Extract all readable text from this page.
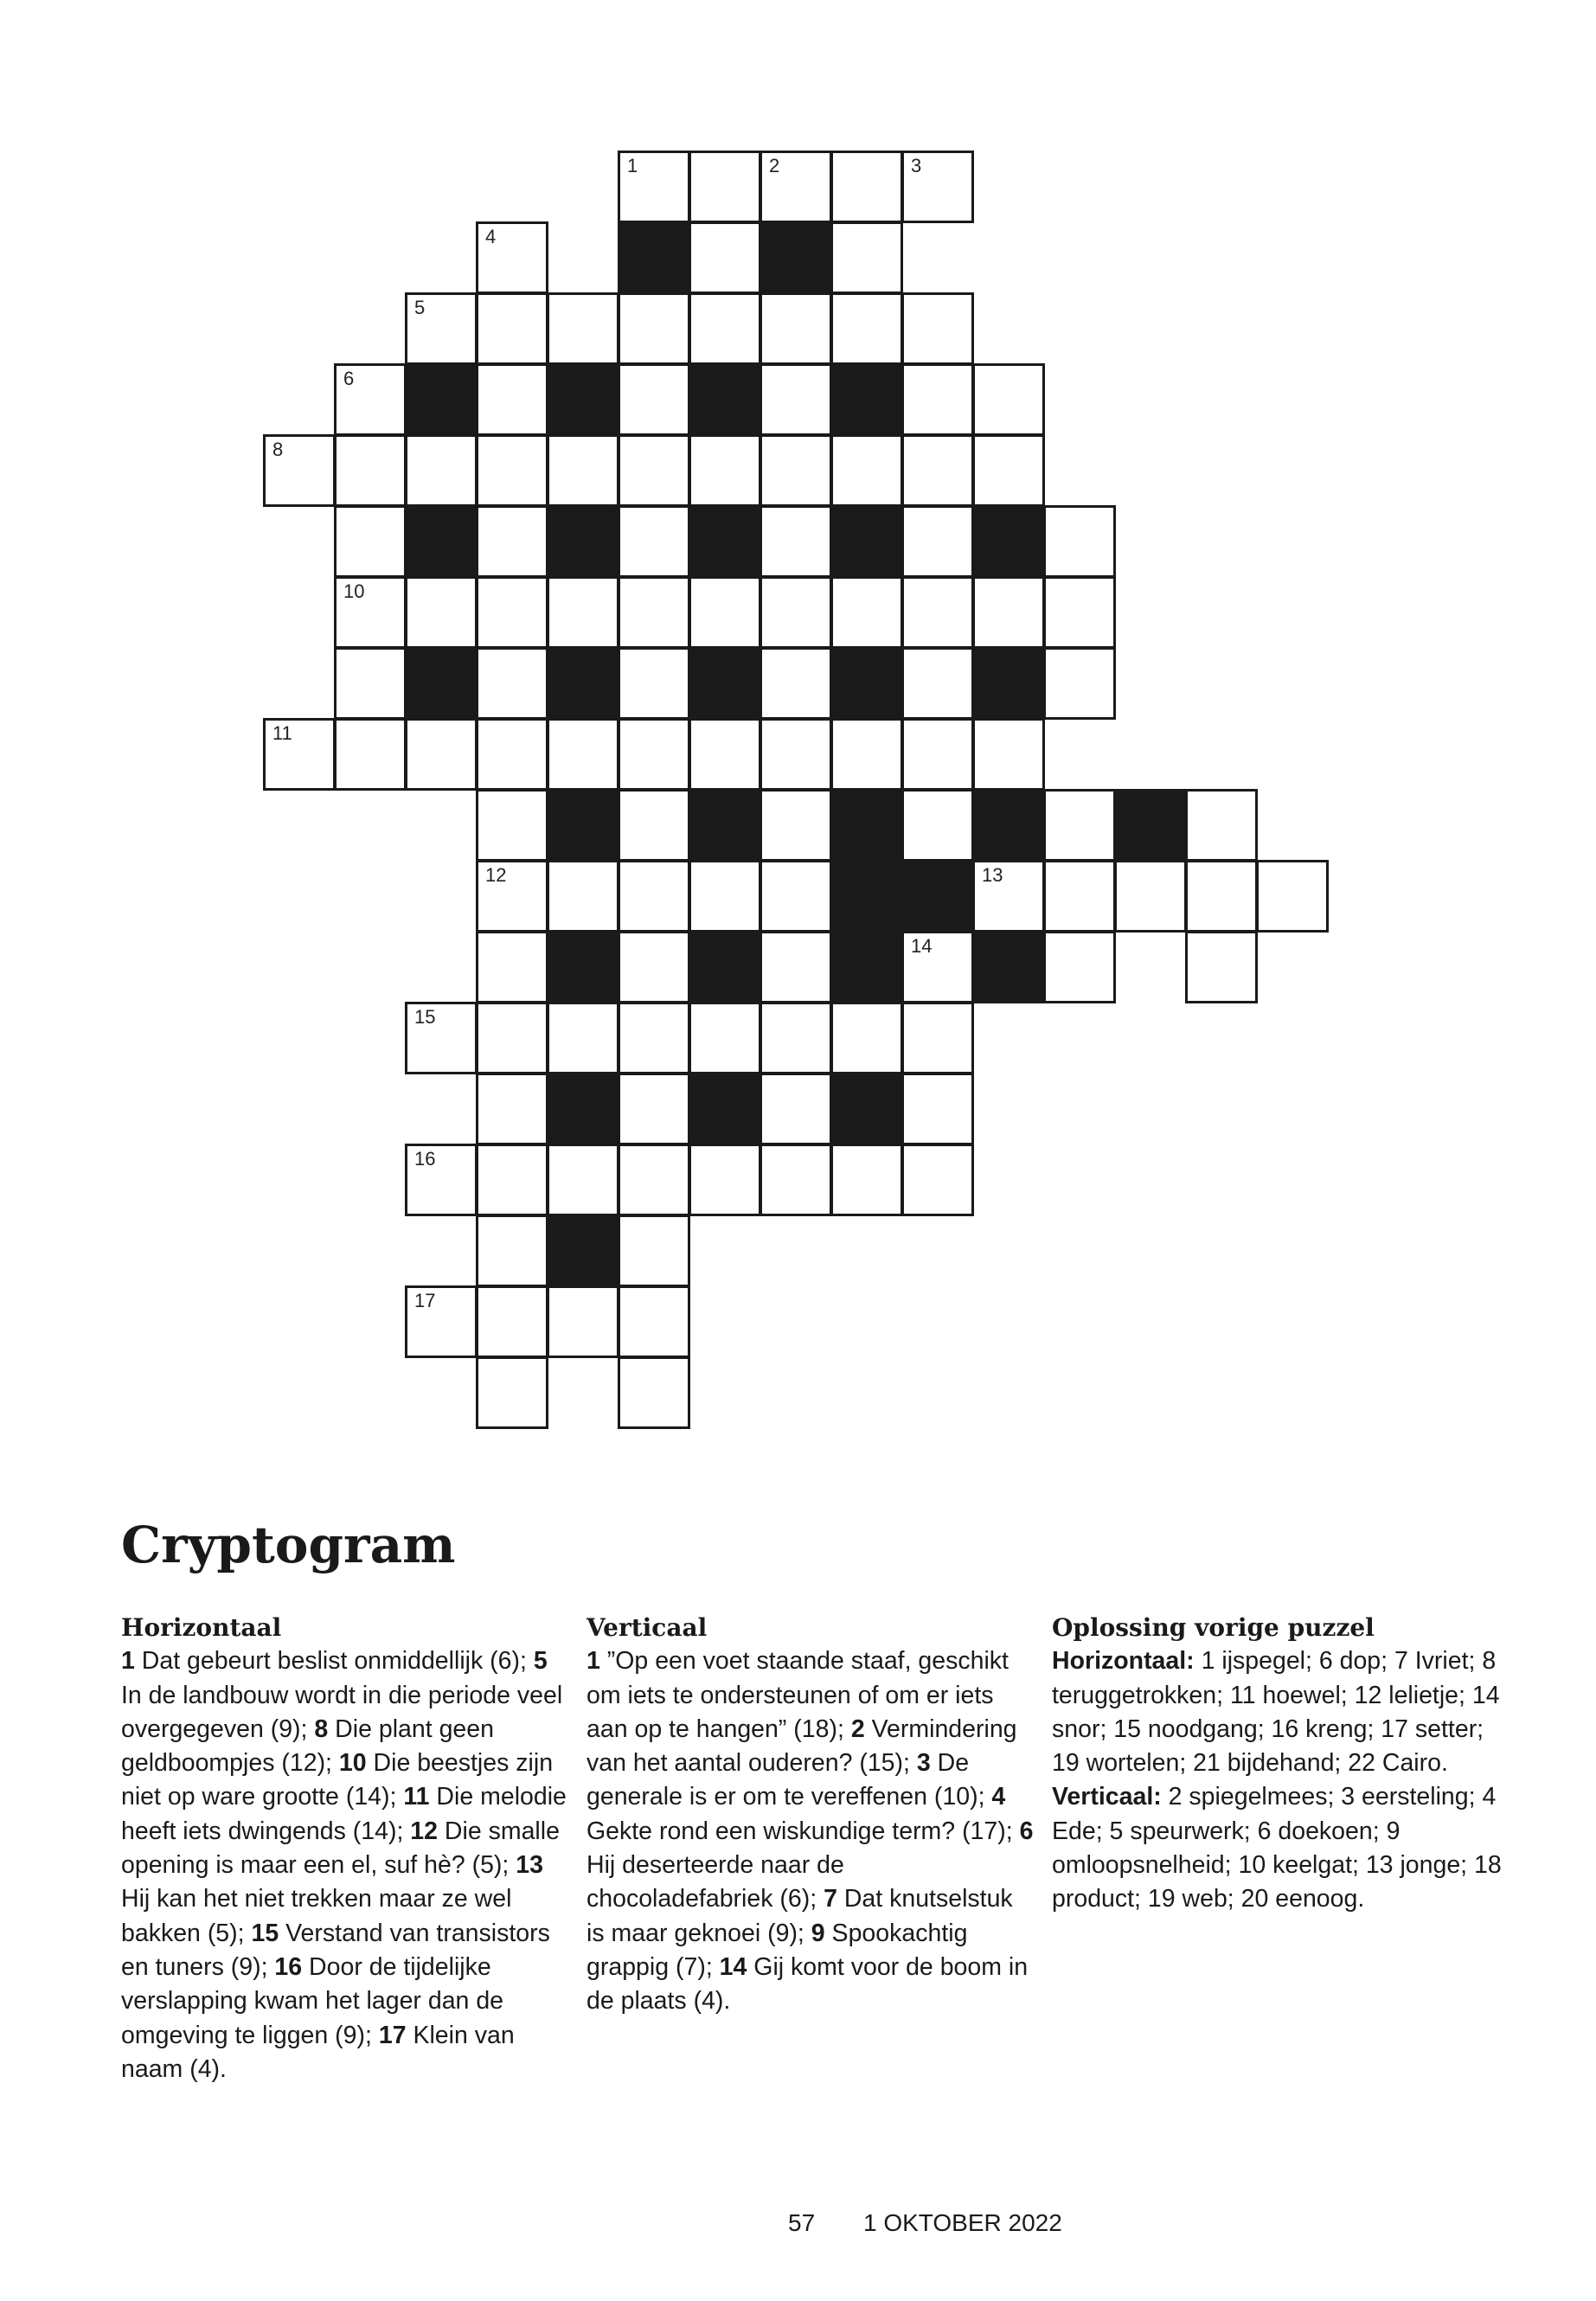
1	2	3
4
5
6
8
10
11
12	13
14
15
16
17
Cryptogram
Horizontaal

1 Dat gebeurt beslist onmiddellijk (6); 5 In de landbouw wordt in die periode veel overgegeven (9); 8 Die plant geen geldboompjes (12); 10 Die beestjes zijn niet op ware grootte (14); 11 Die melodie heeft iets dwingends (14); 12 Die smalle opening is maar een el, suf hè? (5); 13 Hij kan het niet trekken maar ze wel bakken (5); 15 Verstand van transistors en tuners (9); 16 Door de tijdelijke verslapping kwam het lager dan de omgeving te liggen (9); 17 Klein van naam (4).

Verticaal

1 ”Op een voet staande staaf, geschikt om iets te ondersteunen of om er iets aan op te hangen” (18); 2 Vermindering van het aantal ouderen? (15); 3 De generale is er om te vereffenen (10); 4 Gekte rond een wiskundige term? (17); 6 Hij deserteerde naar de chocoladefabriek (6); 7 Dat knutselstuk is maar geknoei (9); 9 Spookachtig grappig (7); 14 Gij komt voor de boom in de plaats (4).

Oplossing vorige puzzel

Horizontaal: 1 ijspegel; 6 dop; 7 Ivriet; 8 teruggetrokken; 11 hoewel; 12 lelietje; 14 snor; 15 noodgang; 16 kreng; 17 setter; 19 wortelen; 21 bijdehand; 22 Cairo.

Verticaal: 2 spiegelmees; 3 eersteling; 4 Ede; 5 speurwerk; 6 doekoen; 9 omloopsnelheid; 10 keelgat; 13 jonge; 18 product; 19 web; 20 eenoog.

57 1 OKTOBER 2022
